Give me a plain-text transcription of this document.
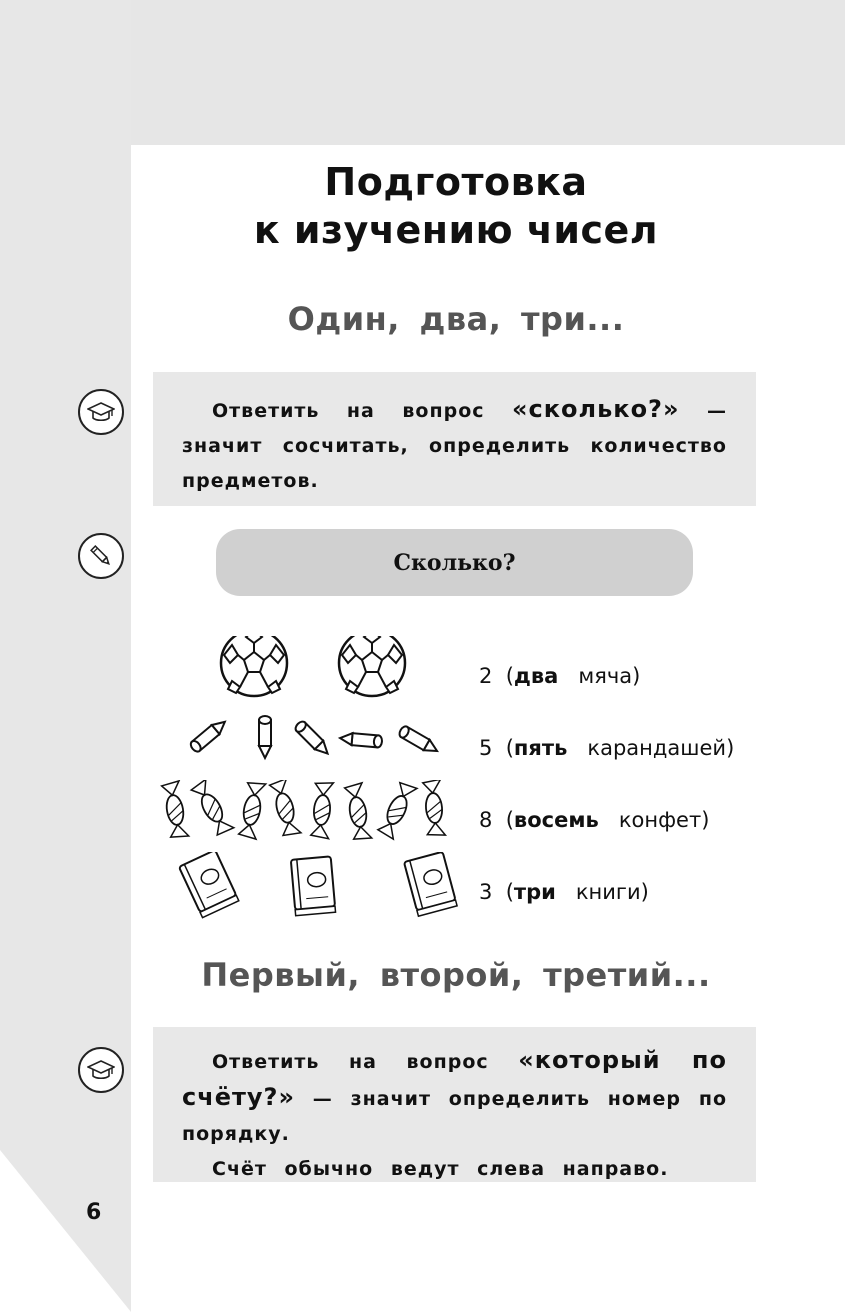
Подготовка
к изучению чисел
Один, два, три...

Ответить на вопрос «сколько?» — значит сосчитать, определить количество предметов.

Сколько?
2 ( два
мяча )
5 ( пять
карандашей )
8 ( восемь
конфет )
3 ( три
книги )
Первый, второй, третий...

Ответить на вопрос «который по счёту?» — значит определить номер по порядку.

Счёт обычно ведут слева направо.

6
